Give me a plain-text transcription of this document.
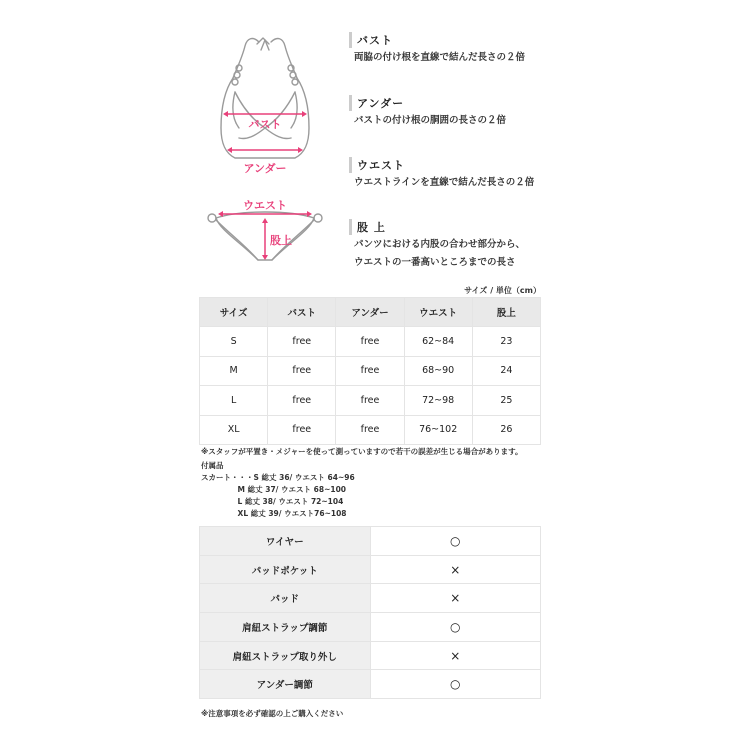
バスト
アンダー
ウエスト
股上
バスト
両脇の付け根を直線で結んだ長さの２倍
アンダー
バストの付け根の胴囲の長さの２倍
ウエスト
ウエストラインを直線で結んだ長さの２倍
股 上
パンツにおける内股の合わせ部分から、
ウエストの一番高いところまでの長さ
サイズ / 単位（cm）
サイズ	バスト	アンダー	ウエスト	股上
S	free	free	62~84	23
M	free	free	68~90	24
L	free	free	72~98	25
XL	free	free	76~102	26
※スタッフが平置き・メジャーを使って測っていますので若干の誤差が生じる場合があります。
付属品
スカート・・・S 総丈 36/ ウエスト 64~96
M 総丈 37/ ウエスト 68~100
L 総丈 38/ ウエスト 72~104
XL 総丈 39/ ウエスト76~108
ワイヤー	○
パッドポケット	×
パッド	×
肩紐ストラップ調節	○
肩紐ストラップ取り外し	×
アンダー調節	○
※注意事項を必ず確認の上ご購入ください
